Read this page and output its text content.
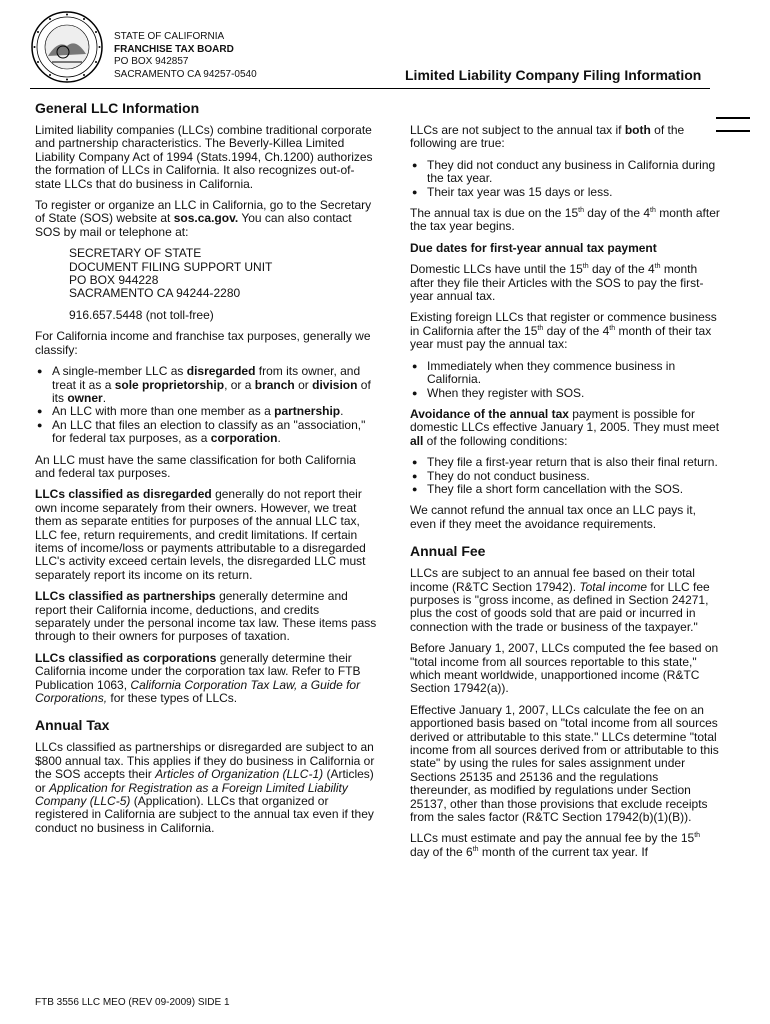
STATE OF CALIFORNIA
FRANCHISE TAX BOARD
PO BOX 942857
SACRAMENTO CA 94257-0540	Limited Liability Company Filing Information
General LLC Information

Limited liability companies (LLCs) combine traditional corporate and partnership characteristics. The Beverly-Killea Limited Liability Company Act of 1994 (Stats.1994, Ch.1200) authorizes the formation of LLCs in California. It also recognizes out-of-state LLCs that do business in California.

To register or organize an LLC in California, go to the Secretary of State (SOS) website at sos.ca.gov. You can also contact SOS by mail or telephone at:

SECRETARY OF STATE
DOCUMENT FILING SUPPORT UNIT
PO BOX 944228
SACRAMENTO CA 94244-2280

916.657.5448 (not toll-free)

For California income and franchise tax purposes, generally we classify:

● A single-member LLC as disregarded from its owner, and treat it as a sole proprietorship, or a branch or division of its owner.
● An LLC with more than one member as a partnership.
● An LLC that files an election to classify as an "association," for federal tax purposes, as a corporation.

An LLC must have the same classification for both California and federal tax purposes.

LLCs classified as disregarded generally do not report their own income separately from their owners. However, we treat them as separate entities for purposes of the annual LLC tax, LLC fee, return requirements, and credit limitations. If certain items of income/loss or payments attributable to a disregarded LLC's activity exceed certain levels, the disregarded LLC must separately report its income on its return.

LLCs classified as partnerships generally determine and report their California income, deductions, and credits separately under the personal income tax law. These items pass through to their owners for purposes of taxation.

LLCs classified as corporations generally determine their California income under the corporation tax law. Refer to FTB Publication 1063, California Corporation Tax Law, a Guide for Corporations, for these types of LLCs.

Annual Tax

LLCs classified as partnerships or disregarded are subject to an $800 annual tax. This applies if they do business in California or the SOS accepts their Articles of Organization (LLC-1) (Articles) or Application for Registration as a Foreign Limited Liability Company (LLC-5) (Application). LLCs that organized or registered in California are subject to the annual tax even if they conduct no business in California.

LLCs are not subject to the annual tax if both of the following are true:

● They did not conduct any business in California during the tax year.
● Their tax year was 15 days or less.

The annual tax is due on the 15th day of the 4th month after the tax year begins.

Due dates for first-year annual tax payment

Domestic LLCs have until the 15th day of the 4th month after they file their Articles with the SOS to pay the first-year annual tax.

Existing foreign LLCs that register or commence business in California after the 15th day of the 4th month of their tax year must pay the annual tax:

● Immediately when they commence business in California.
● When they register with SOS.

Avoidance of the annual tax payment is possible for domestic LLCs effective January 1, 2005. They must meet all of the following conditions:

● They file a first-year return that is also their final return.
● They do not conduct business.
● They file a short form cancellation with the SOS.

We cannot refund the annual tax once an LLC pays it, even if they meet the avoidance requirements.

Annual Fee

LLCs are subject to an annual fee based on their total income (R&TC Section 17942). Total income for LLC fee purposes is "gross income, as defined in Section 24271, plus the cost of goods sold that are paid or incurred in connection with the trade or business of the taxpayer."

Before January 1, 2007, LLCs computed the fee based on "total income from all sources reportable to this state," which meant worldwide, unapportioned income (R&TC Section 17942(a)).

Effective January 1, 2007, LLCs calculate the fee on an apportioned basis based on "total income from all sources derived or attributable to this state." LLCs determine "total income from all sources derived from or attributable to this state" by using the rules for sales assignment under Sections 25135 and 25136 and the regulations thereunder, as modified by regulations under Section 25137, other than those provisions that exclude receipts from the sales factor (R&TC Section 17942(b)(1)(B)).

LLCs must estimate and pay the annual fee by the 15th day of the 6th month of the current tax year. If

FTB 3556 LLC MEO (REV 09-2009) SIDE 1
